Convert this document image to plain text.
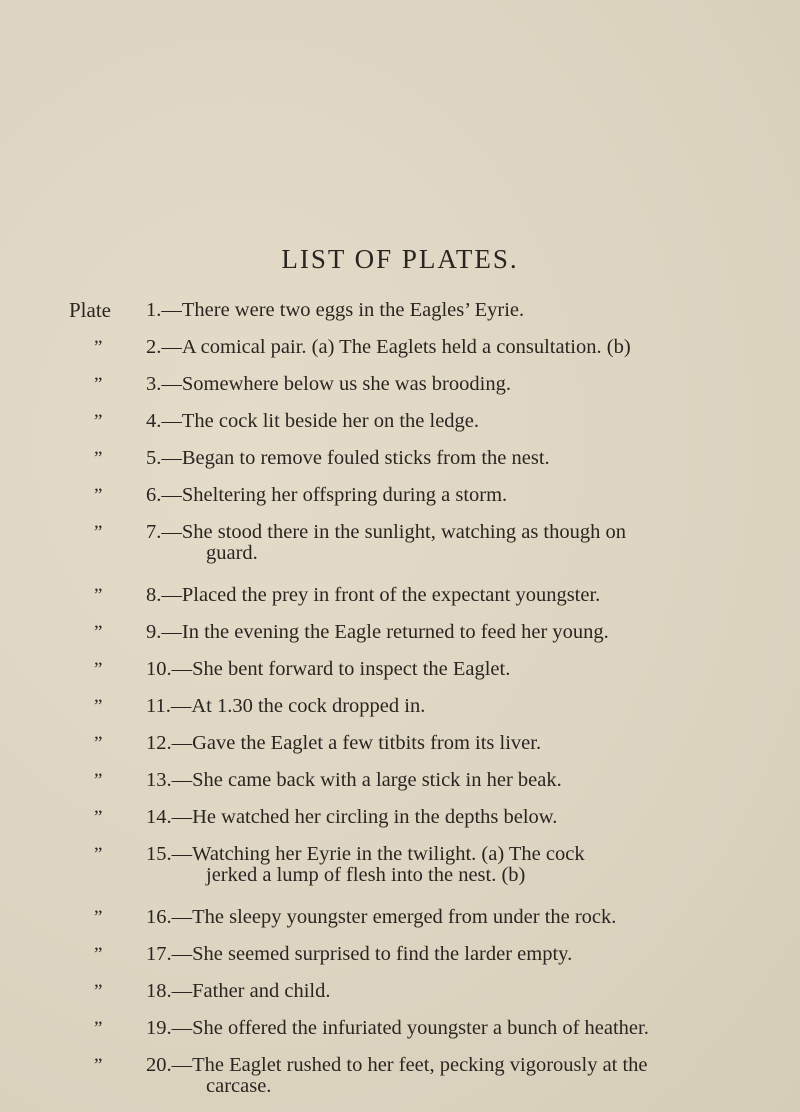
LIST OF PLATES.
Plate 1.—There were two eggs in the Eagles’ Eyrie.
” 2.—A comical pair. (a) The Eaglets held a consultation. (b)
” 3.—Somewhere below us she was brooding.
” 4.—The cock lit beside her on the ledge.
” 5.—Began to remove fouled sticks from the nest.
” 6.—Sheltering her offspring during a storm.
” 7.—She stood there in the sunlight, watching as though on
guard.
” 8.—Placed the prey in front of the expectant youngster.
” 9.—In the evening the Eagle returned to feed her young.
” 10.—She bent forward to inspect the Eaglet.
” 11.—At 1.30 the cock dropped in.
” 12.—Gave the Eaglet a few titbits from its liver.
” 13.—She came back with a large stick in her beak.
” 14.—He watched her circling in the depths below.
” 15.—Watching her Eyrie in the twilight. (a) The cock
jerked a lump of flesh into the nest. (b)
” 16.—The sleepy youngster emerged from under the rock.
” 17.—She seemed surprised to find the larder empty.
” 18.—Father and child.
” 19.—She offered the infuriated youngster a bunch of heather.
” 20.—The Eaglet rushed to her feet, pecking vigorously at the
carcase.
